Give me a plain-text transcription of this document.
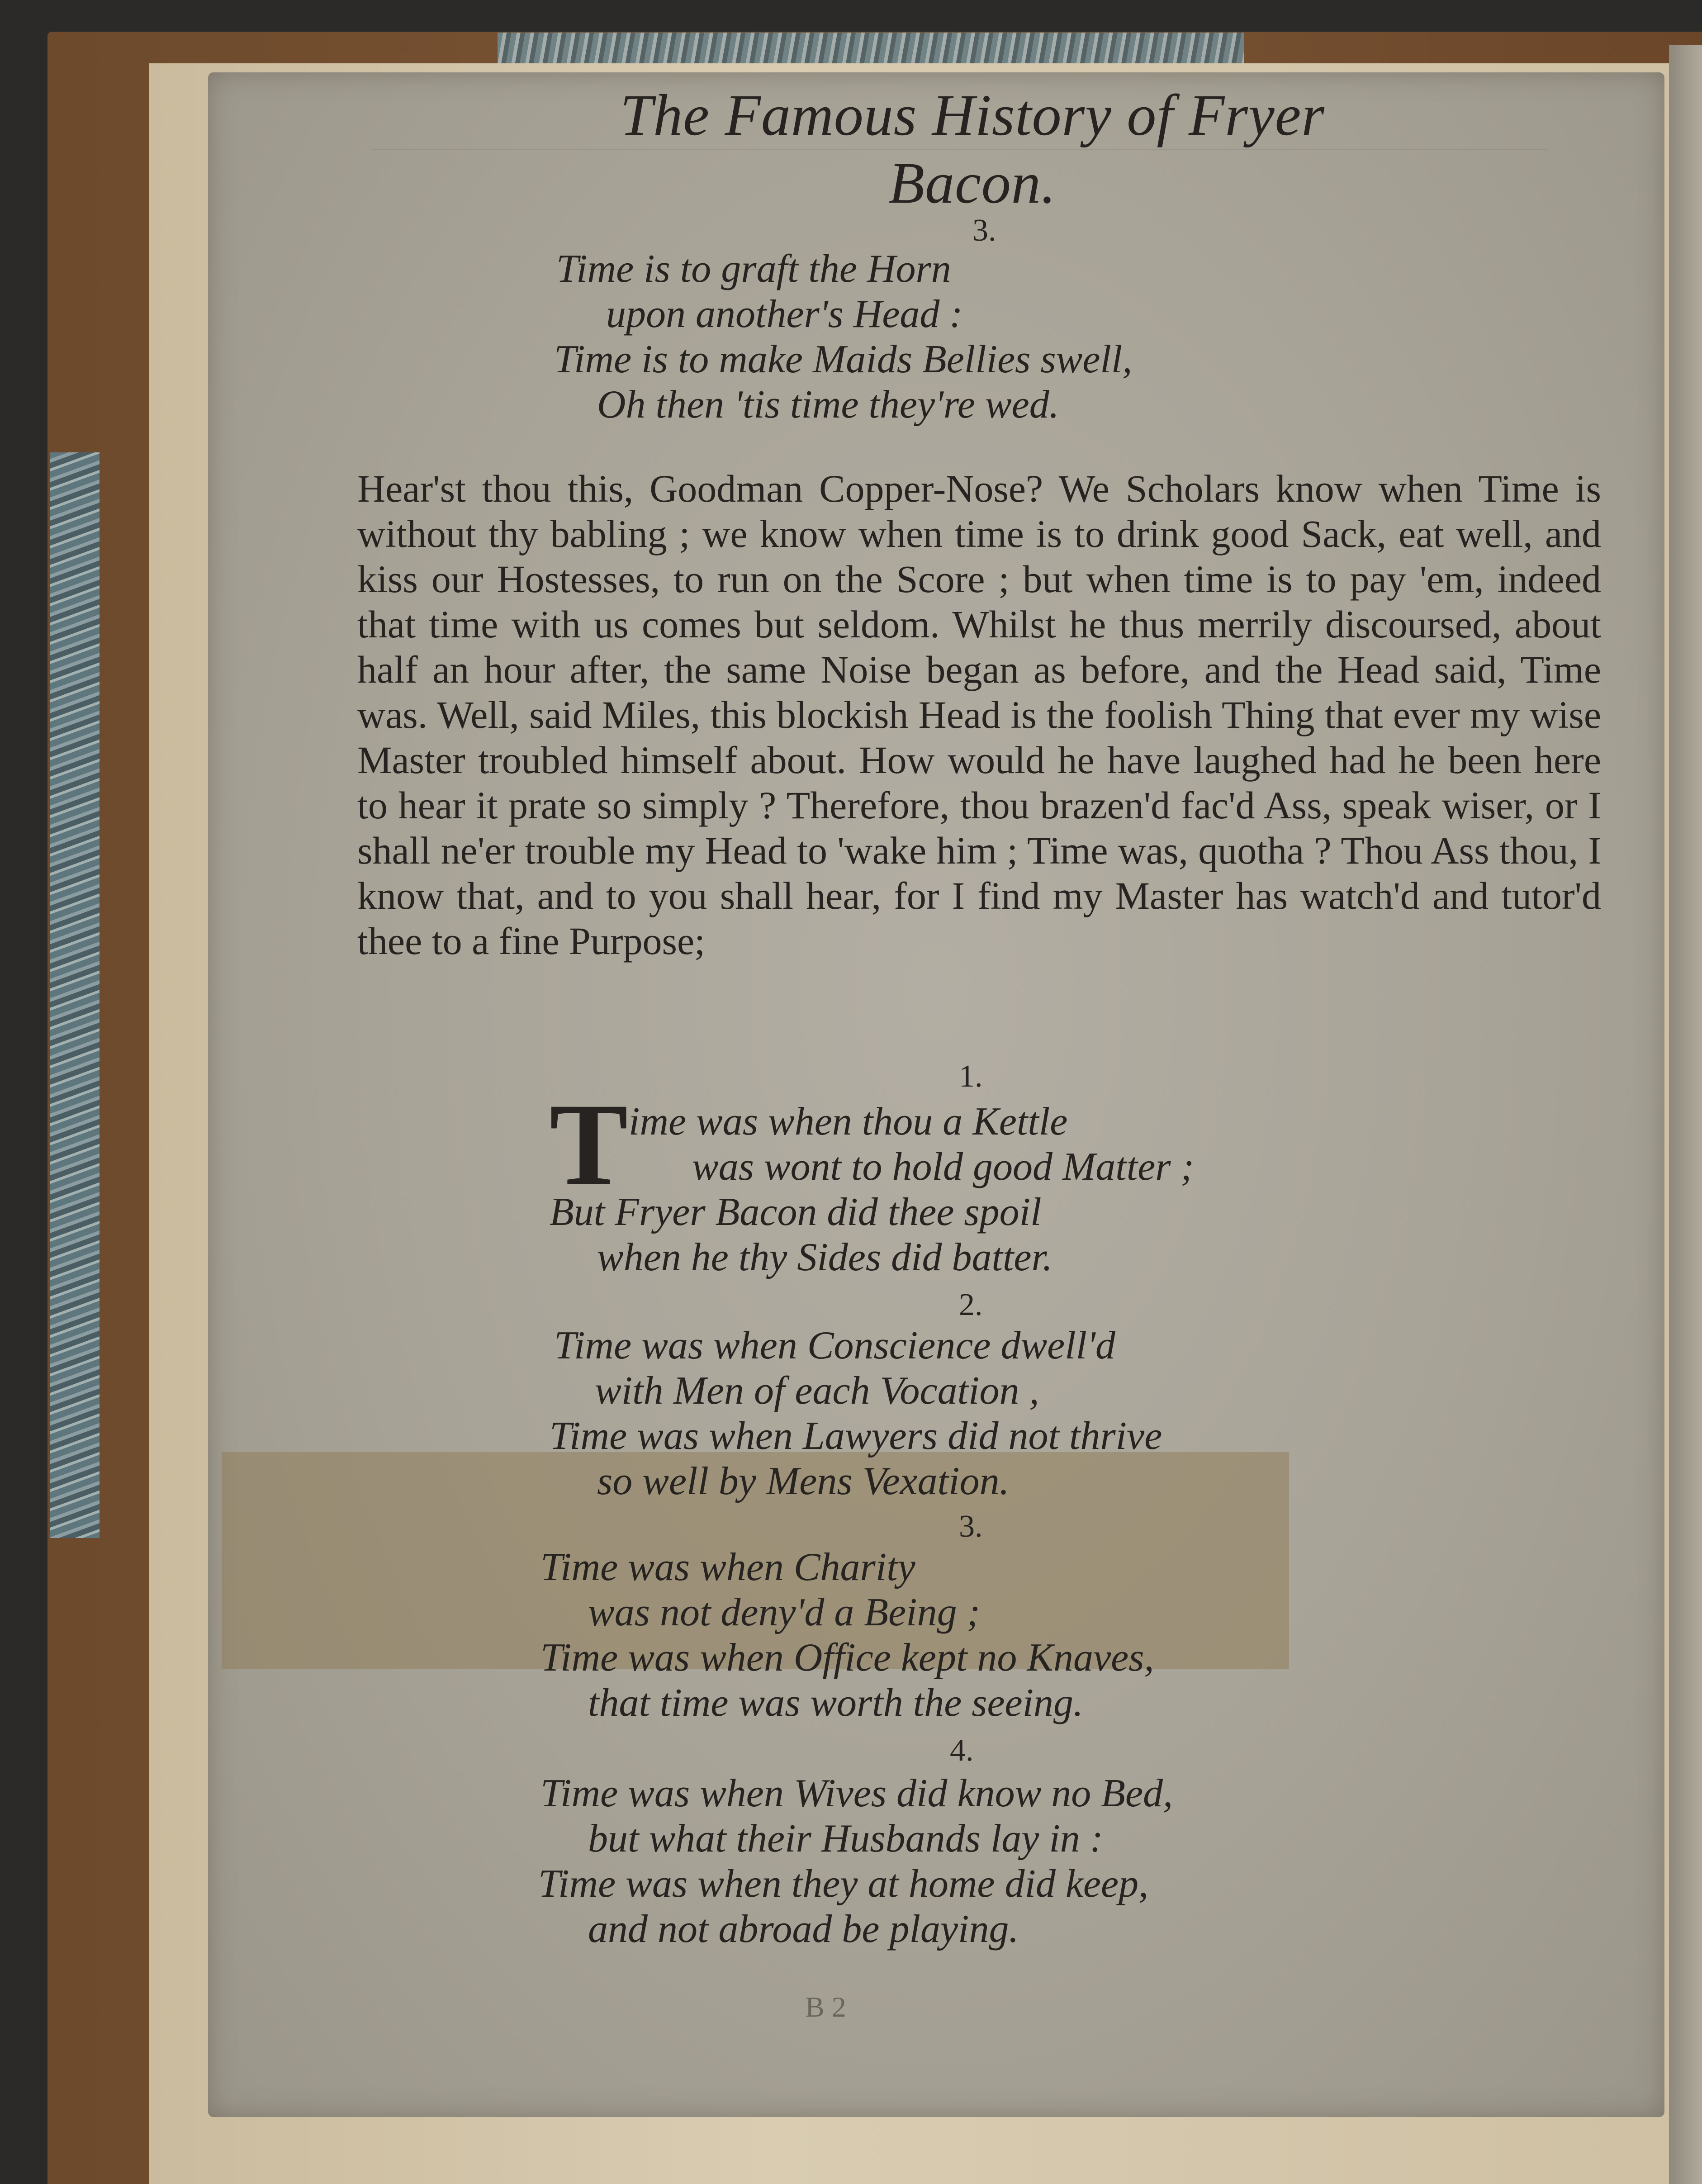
The Famous History of Fryer Bacon.
3.
Time is to graft the Horn
upon another's Head :
Time is to make Maids Bellies swell,
Oh then 'tis time they're wed.
Hear'st thou this, Goodman Copper-Nose? We Scholars know when Time is without thy babling ; we know when time is to drink good Sack, eat well, and kiss our Hostesses, to run on the Score ; but when time is to pay 'em, indeed that time with us comes but seldom. Whilst he thus merrily discoursed, about half an hour after, the same Noise began as before, and the Head said, Time was. Well, said Miles, this blockish Head is the foolish Thing that ever my wise Master troubled himself about. How would he have laughed had he been here to hear it prate so simply ? Therefore, thou brazen'd fac'd Ass, speak wiser, or I shall ne'er trouble my Head to 'wake him ; Time was, quotha ? Thou Ass thou, I know that, and to you shall hear, for I find my Master has watch'd and tutor'd thee to a fine Purpose;
1.
T ime was when thou a Kettle
was wont to hold good Matter ;
But Fryer Bacon did thee spoil
when he thy Sides did batter.
2.
Time was when Conscience dwell'd
with Men of each Vocation ,
Time was when Lawyers did not thrive
so well by Mens Vexation.
3.
Time was when Charity
was not deny'd a Being ;
Time was when Office kept no Knaves,
that time was worth the seeing.
4.
Time was when Wives did know no Bed,
but what their Husbands lay in :
Time was when they at home did keep,
and not abroad be playing.
B 2
